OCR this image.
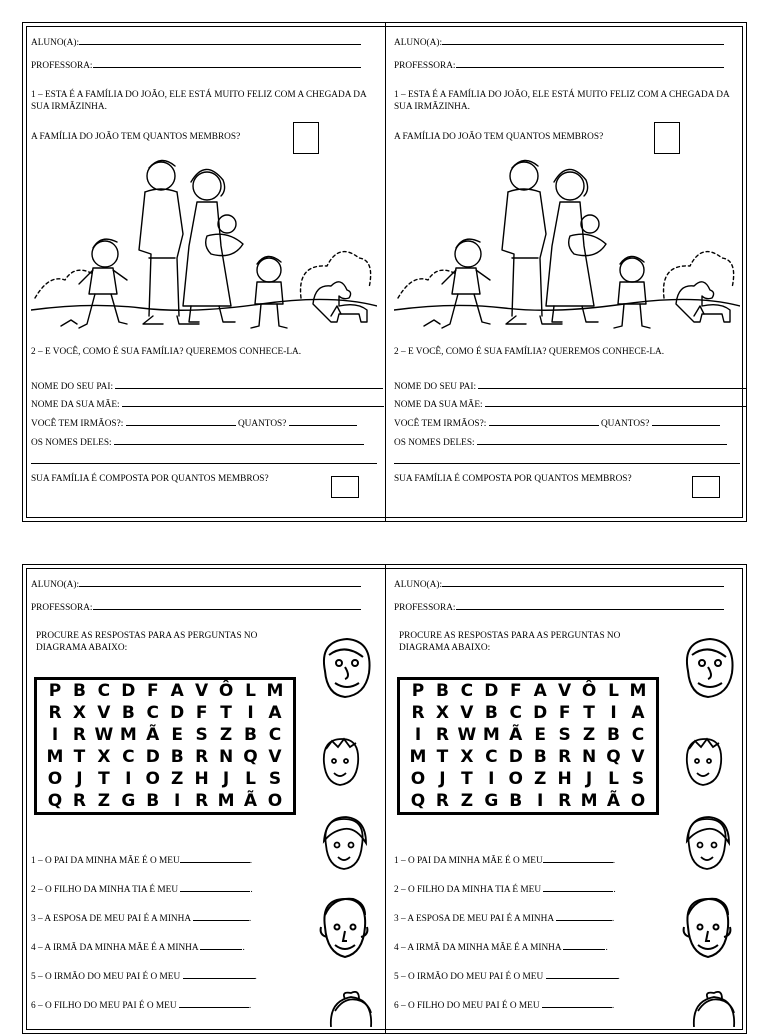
ALUNO(A):
PROFESSORA:
1 – ESTA É A FAMÍLIA DO JOÃO, ELE ESTÁ MUITO FELIZ COM A CHEGADA DA SUA IRMÃZINHA.
A FAMÍLIA DO JOÃO TEM QUANTOS MEMBROS?
2 – E VOCÊ, COMO É SUA FAMÍLIA? QUEREMOS CONHECE-LA.
NOME DO SEU PAI:
NOME DA SUA MÃE:
VOCÊ TEM IRMÃOS?:	QUANTOS?
OS NOMES DELES:
SUA FAMÍLIA É COMPOSTA POR QUANTOS MEMBROS?
ALUNO(A):
PROFESSORA:
1 – ESTA É A FAMÍLIA DO JOÃO, ELE ESTÁ MUITO FELIZ COM A CHEGADA DA SUA IRMÃZINHA.
A FAMÍLIA DO JOÃO TEM QUANTOS MEMBROS?
2 – E VOCÊ, COMO É SUA FAMÍLIA? QUEREMOS CONHECE-LA.
NOME DO SEU PAI:
NOME DA SUA MÃE:
VOCÊ TEM IRMÃOS?:	QUANTOS?
OS NOMES DELES:
SUA FAMÍLIA É COMPOSTA POR QUANTOS MEMBROS?
ALUNO(A):
PROFESSORA:
PROCURE AS RESPOSTAS PARA AS PERGUNTAS NO DIAGRAMA ABAIXO:
P B C D F A V Ô L M
R X V B C D F T I A
I R W M Ã E S Z B C
M T X C D B R N Q V
O J T I O Z H J L S
Q R Z G B I R M Ã O
1 – O PAI DA MINHA MÃE É O MEU	.
2 – O FILHO DA MINHA TIA É MEU	.
3 – A ESPOSA DE MEU PAI É A MINHA	.
4 – A IRMÃ DA MINHA MÃE É A MINHA	.
5 – O IRMÃO DO MEU PAI É O MEU	.
6 – O FILHO DO MEU PAI É O MEU	.
ALUNO(A):
PROFESSORA:
PROCURE AS RESPOSTAS PARA AS PERGUNTAS NO DIAGRAMA ABAIXO:
P B C D F A V Ô L M
R X V B C D F T I A
I R W M Ã E S Z B C
M T X C D B R N Q V
O J T I O Z H J L S
Q R Z G B I R M Ã O
1 – O PAI DA MINHA MÃE É O MEU	.
2 – O FILHO DA MINHA TIA É MEU	.
3 – A ESPOSA DE MEU PAI É A MINHA	.
4 – A IRMÃ DA MINHA MÃE É A MINHA	.
5 – O IRMÃO DO MEU PAI É O MEU	.
6 – O FILHO DO MEU PAI É O MEU	.
